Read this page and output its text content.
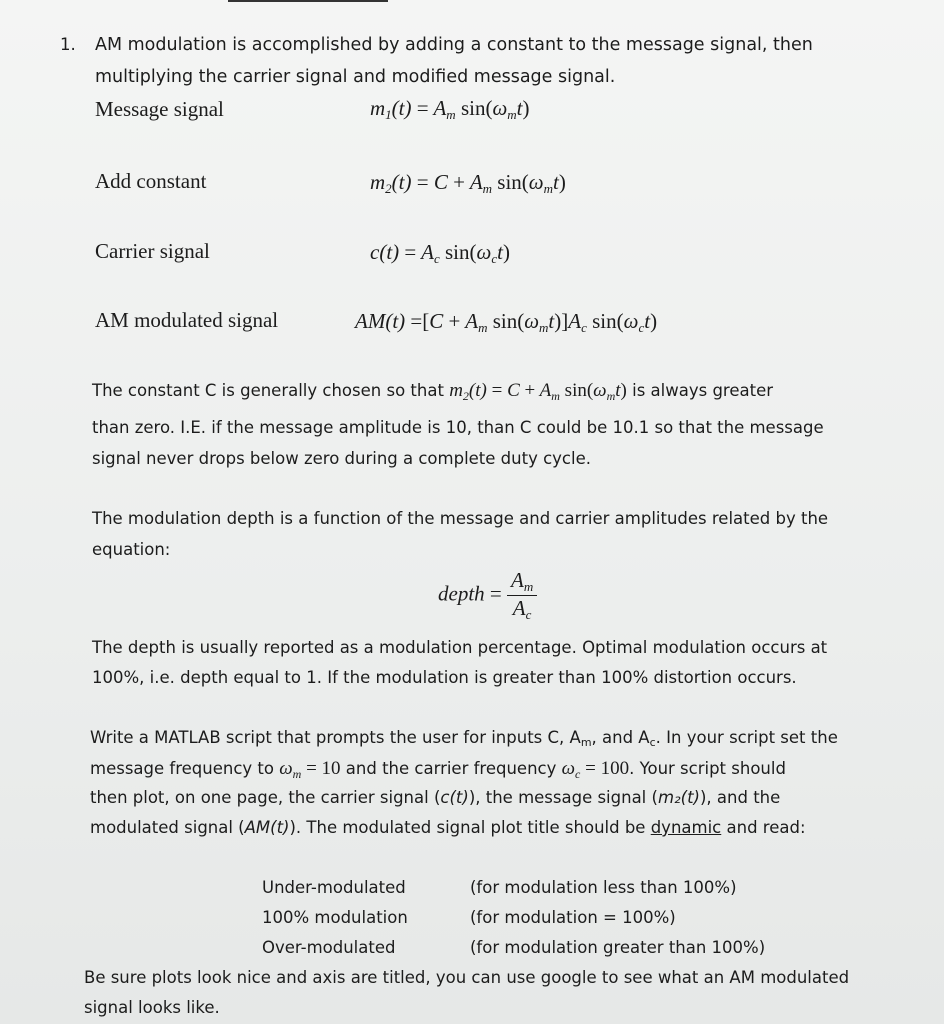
1. AM modulation is accomplished by adding a constant to the message signal, then
multiplying the carrier signal and modified message signal.
Message signal	$m_1(t) = A_m$ $\sin(\omega_mt)$
Add constant	$m_2(t) = C + A_m$ $\sin(\omega_mt)$
Carrier signal	$c(t) = A_c$ $\sin(\omega_ct)$
AM modulated signal	$AM(t) =[C + A_m$ $\sin(\omega_mt)]A_c$ $\sin(\omega_ct)$
The constant C is generally chosen so that $m_2(t) = C + A_m$ $\sin(\omega_mt)$ is always greater
than zero. I.E. if the message amplitude is 10, than C could be 10.1 so that the message
signal never drops below zero during a complete duty cycle.
The modulation depth is a function of the message and carrier amplitudes related by the
equation:
depth = $\frac{A_m}{A_c}$
The depth is usually reported as a modulation percentage. Optimal modulation occurs at
100%, i.e. depth equal to 1. If the modulation is greater than 100% distortion occurs.
Write a MATLAB script that prompts the user for inputs C, $A_m$, and $A_c$. In your script set the
message frequency to $\omega_m = 10$ and the carrier frequency $\omega_c = 100$. Your script should
then plot, on one page, the carrier signal (c(t)), the message signal (m₂(t)), and the
modulated signal (AM(t)). The modulated signal plot title should be dynamic and read:
Under-modulated	(for modulation less than 100%)
100% modulation	(for modulation = 100%)
Over-modulated	(for modulation greater than 100%)
Be sure plots look nice and axis are titled, you can use google to see what an AM modulated
signal looks like.
